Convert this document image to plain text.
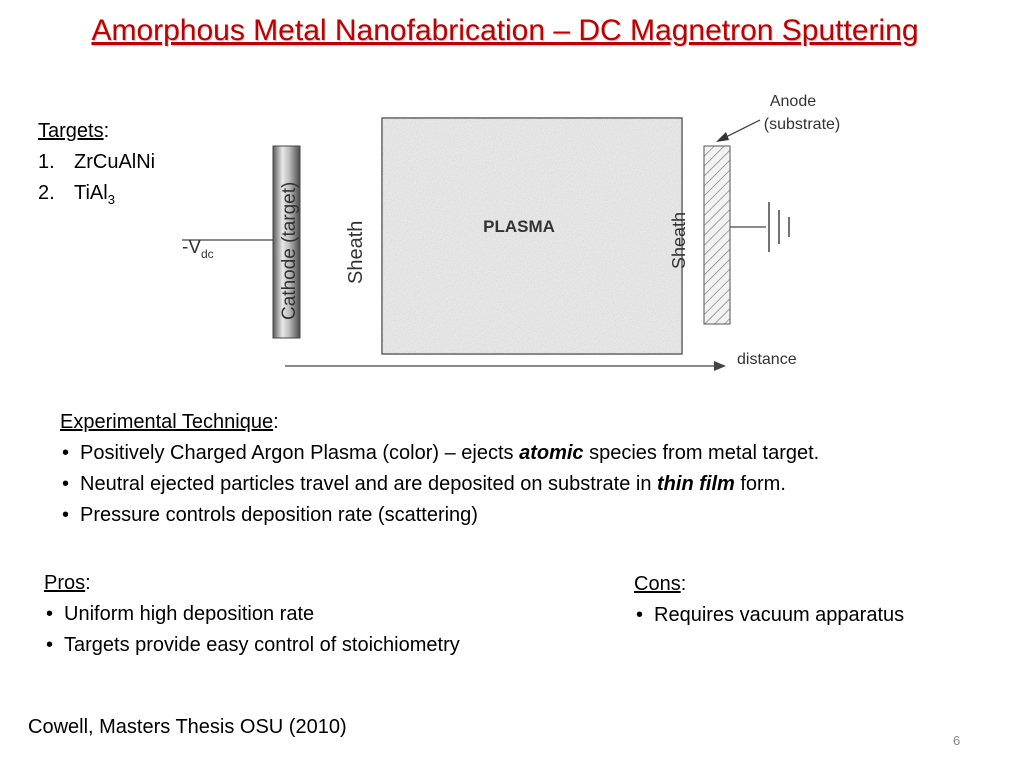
Amorphous Metal Nanofabrication – DC Magnetron Sputtering
Targets:
1. ZrCuAlNi
2. TiAl$_3$	Cathode (target)
$-V_{dc}$	Sheath	PLASMA	Sheath
Anode
(substrate)
distance
Experimental Technique:
• Positively Charged Argon Plasma (color) – ejects atomic species from metal target.
• Neutral ejected particles travel and are deposited on substrate in thin film form.
• Pressure controls deposition rate (scattering)
Pros:
• Uniform high deposition rate
• Targets provide easy control of stoichiometry
Cons:
• Requires vacuum apparatus
Cowell, Masters Thesis OSU (2010)
6
